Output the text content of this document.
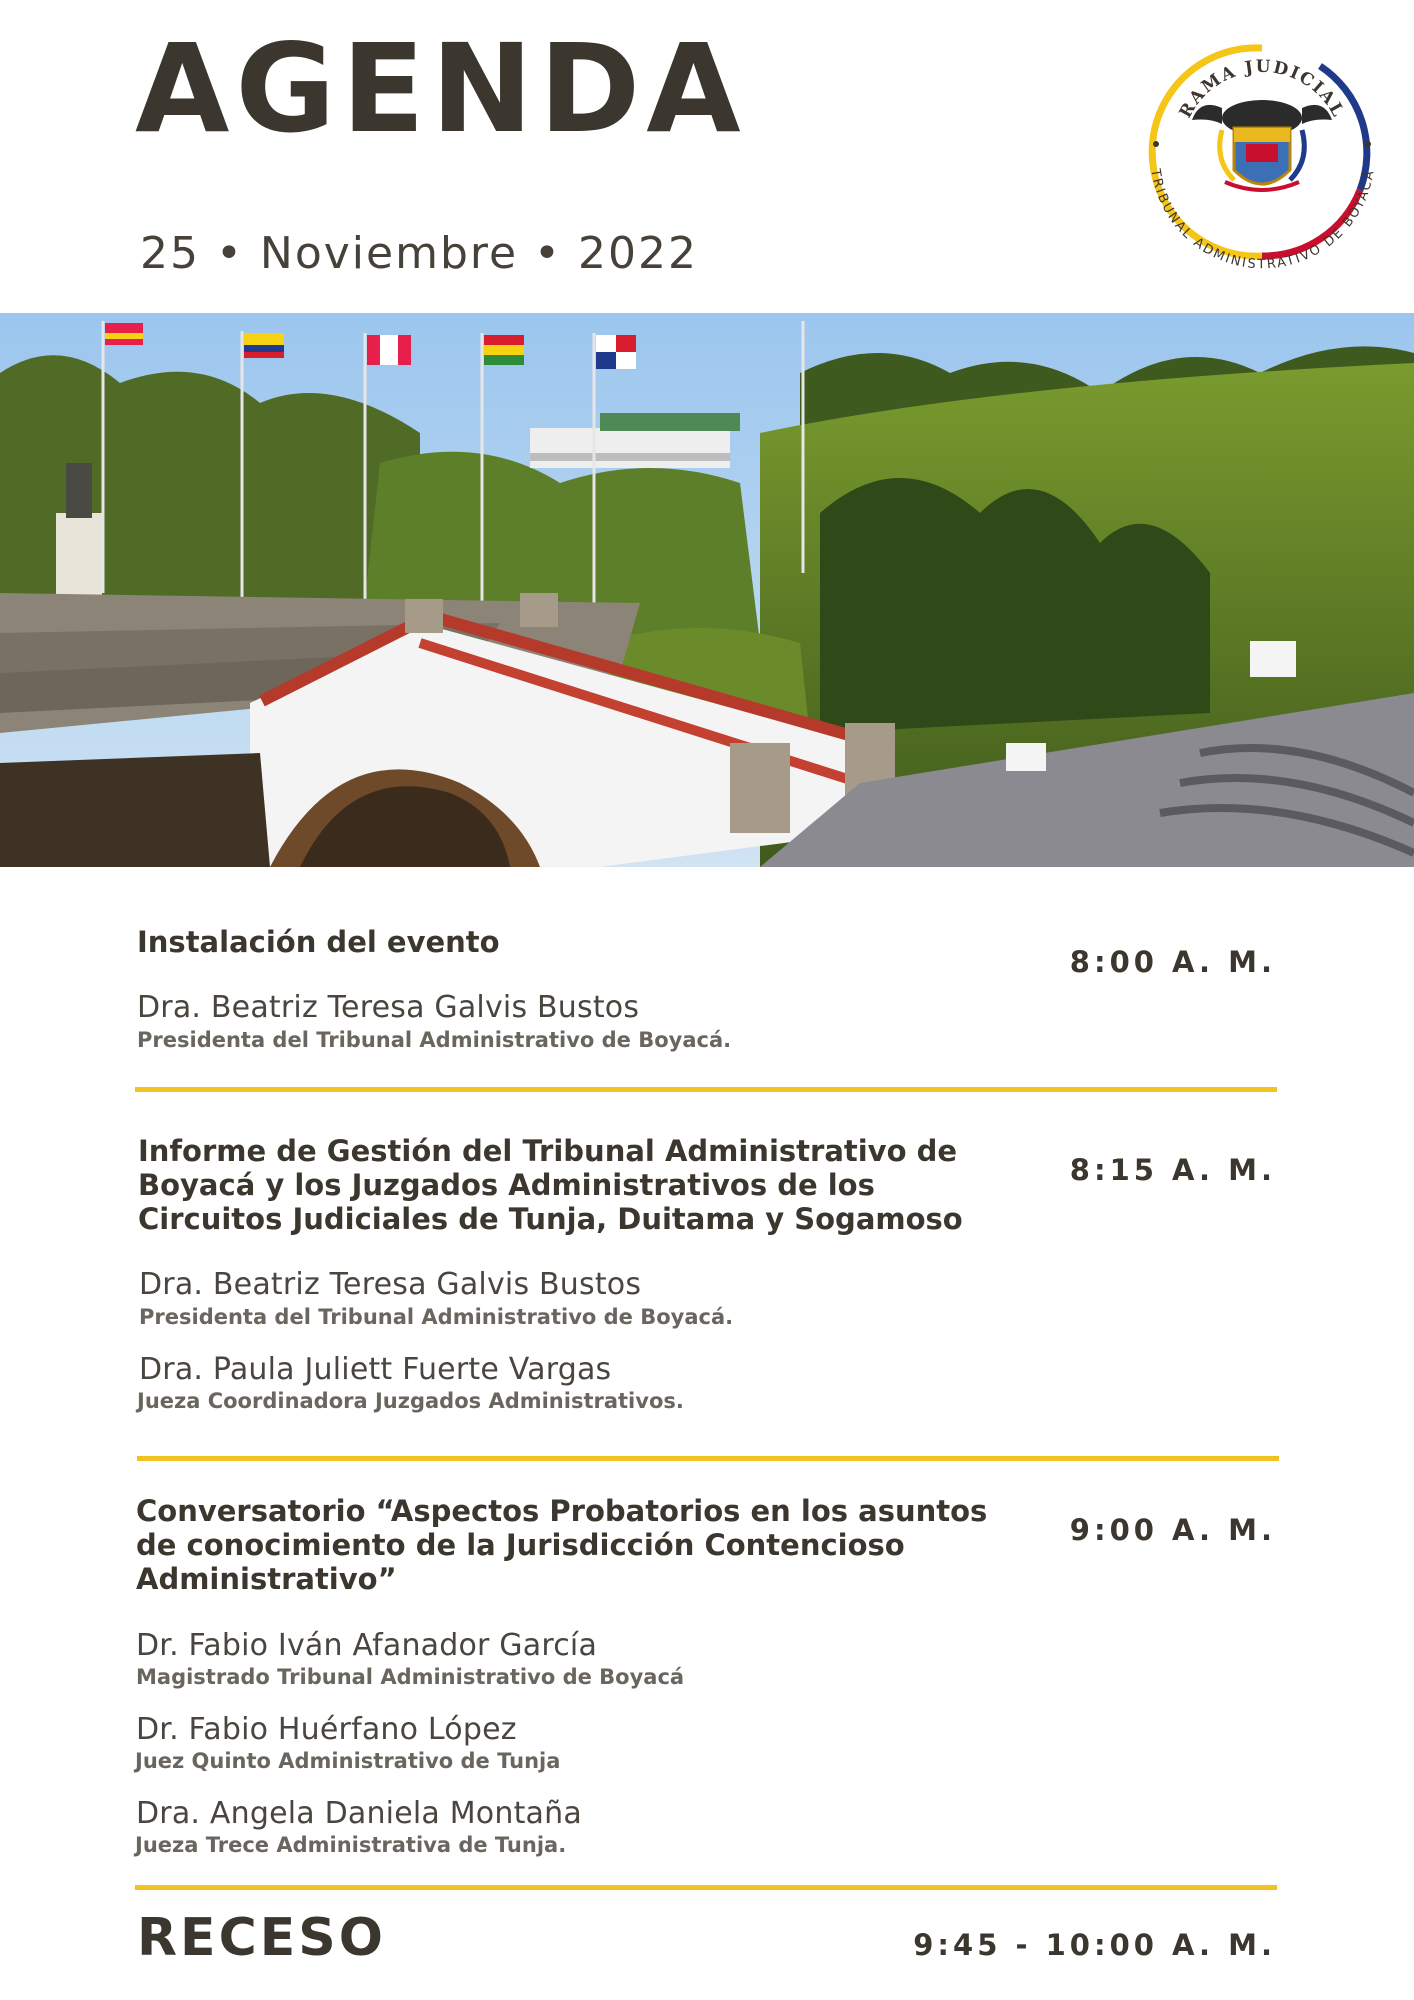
AGENDA
25 • Noviembre • 2022
RAMA JUDICIAL
TRIBUNAL ADMINISTRATIVO DE BOYACÁ
Instalación del evento
8:00 A. M.
Dra. Beatriz Teresa Galvis Bustos
Presidenta del Tribunal Administrativo de Boyacá.
Informe de Gestión del Tribunal Administrativo de
Boyacá y los Juzgados Administrativos de los
Circuitos Judiciales de Tunja, Duitama y Sogamoso
8:15 A. M.
Dra. Beatriz Teresa Galvis Bustos
Presidenta del Tribunal Administrativo de Boyacá.
Dra. Paula Juliett Fuerte Vargas
Jueza Coordinadora Juzgados Administrativos.
Conversatorio “Aspectos Probatorios en los asuntos
de conocimiento de la Jurisdicción Contencioso
Administrativo”
9:00 A. M.
Dr. Fabio Iván Afanador García
Magistrado Tribunal Administrativo de Boyacá
Dr. Fabio Huérfano López
Juez Quinto Administrativo de Tunja
Dra. Angela Daniela Montaña
Jueza Trece Administrativa de Tunja.
RECESO	9:45 - 10:00 A. M.
